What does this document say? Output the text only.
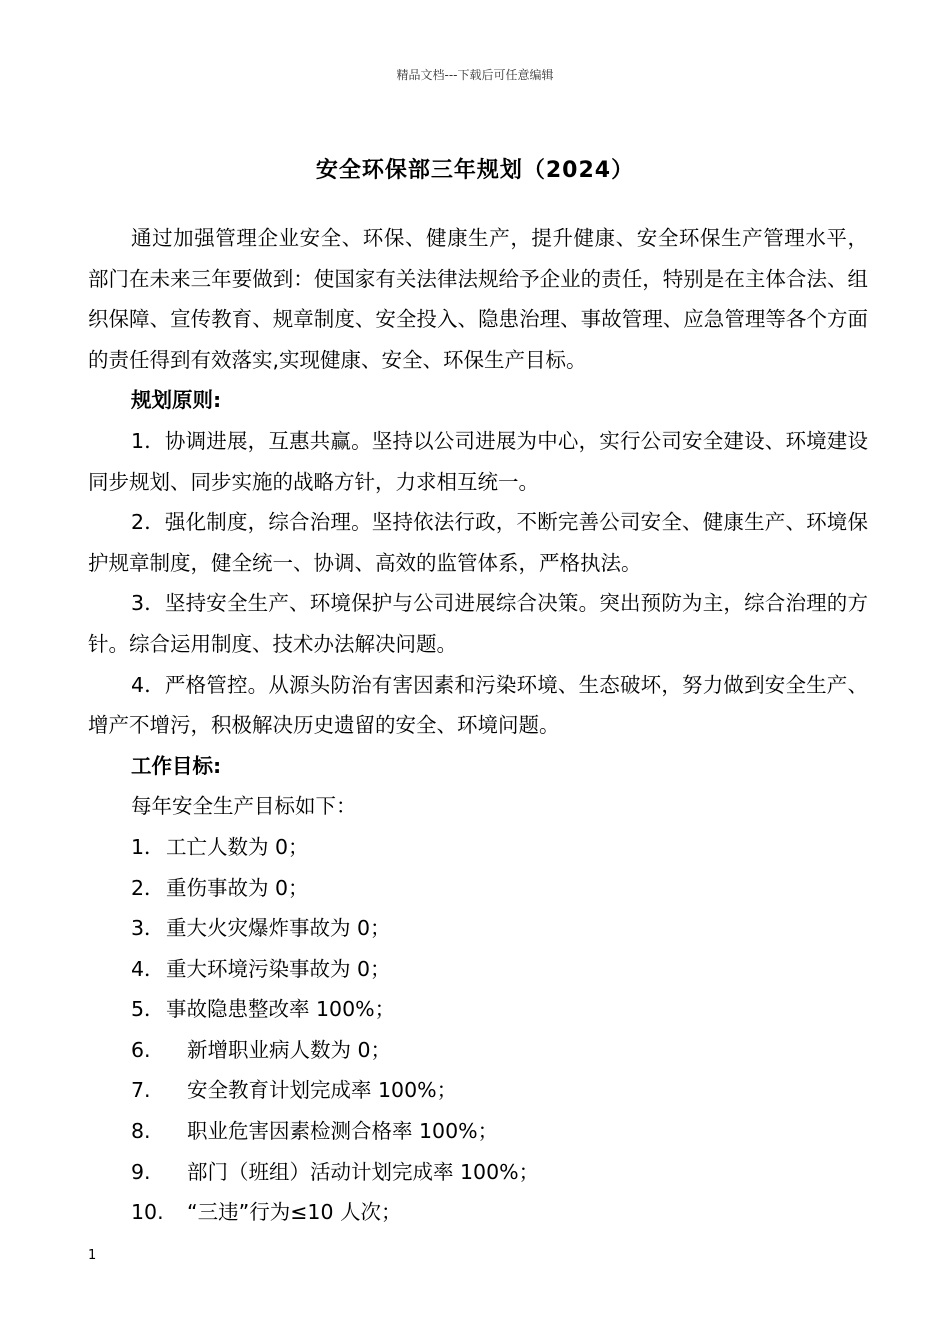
精品文档---下载后可任意编辑
安全环保部三年规划（2024）

通过加强管理企业安全、环保、健康生产，提升健康、安全环保生产管理水平，部门在未来三年要做到：使国家有关法律法规给予企业的责任，特别是在主体合法、组织保障、宣传教育、规章制度、安全投入、隐患治理、事故管理、应急管理等各个方面的责任得到有效落实,实现健康、安全、环保生产目标。

规划原则:

1．协调进展，互惠共赢。坚持以公司进展为中心，实行公司安全建设、环境建设同步规划、同步实施的战略方针，力求相互统一。

2．强化制度，综合治理。坚持依法行政，不断完善公司安全、健康生产、环境保护规章制度，健全统一、协调、高效的监管体系，严格执法。

3．坚持安全生产、环境保护与公司进展综合决策。突出预防为主，综合治理的方针。综合运用制度、技术办法解决问题。

4．严格管控。从源头防治有害因素和污染环境、生态破坏，努力做到安全生产、增产不增污，积极解决历史遗留的安全、环境问题。

工作目标:

每年安全生产目标如下：

1．工亡人数为 0；

2．重伤事故为 0；

3．重大火灾爆炸事故为 0；

4．重大环境污染事故为 0；

5．事故隐患整改率 100%；

6. 新增职业病人数为 0；

7. 安全教育计划完成率 100%；

8. 职业危害因素检测合格率 100%；

9. 部门（班组）活动计划完成率 100%；

10. “三违”行为≤10 人次；

1
